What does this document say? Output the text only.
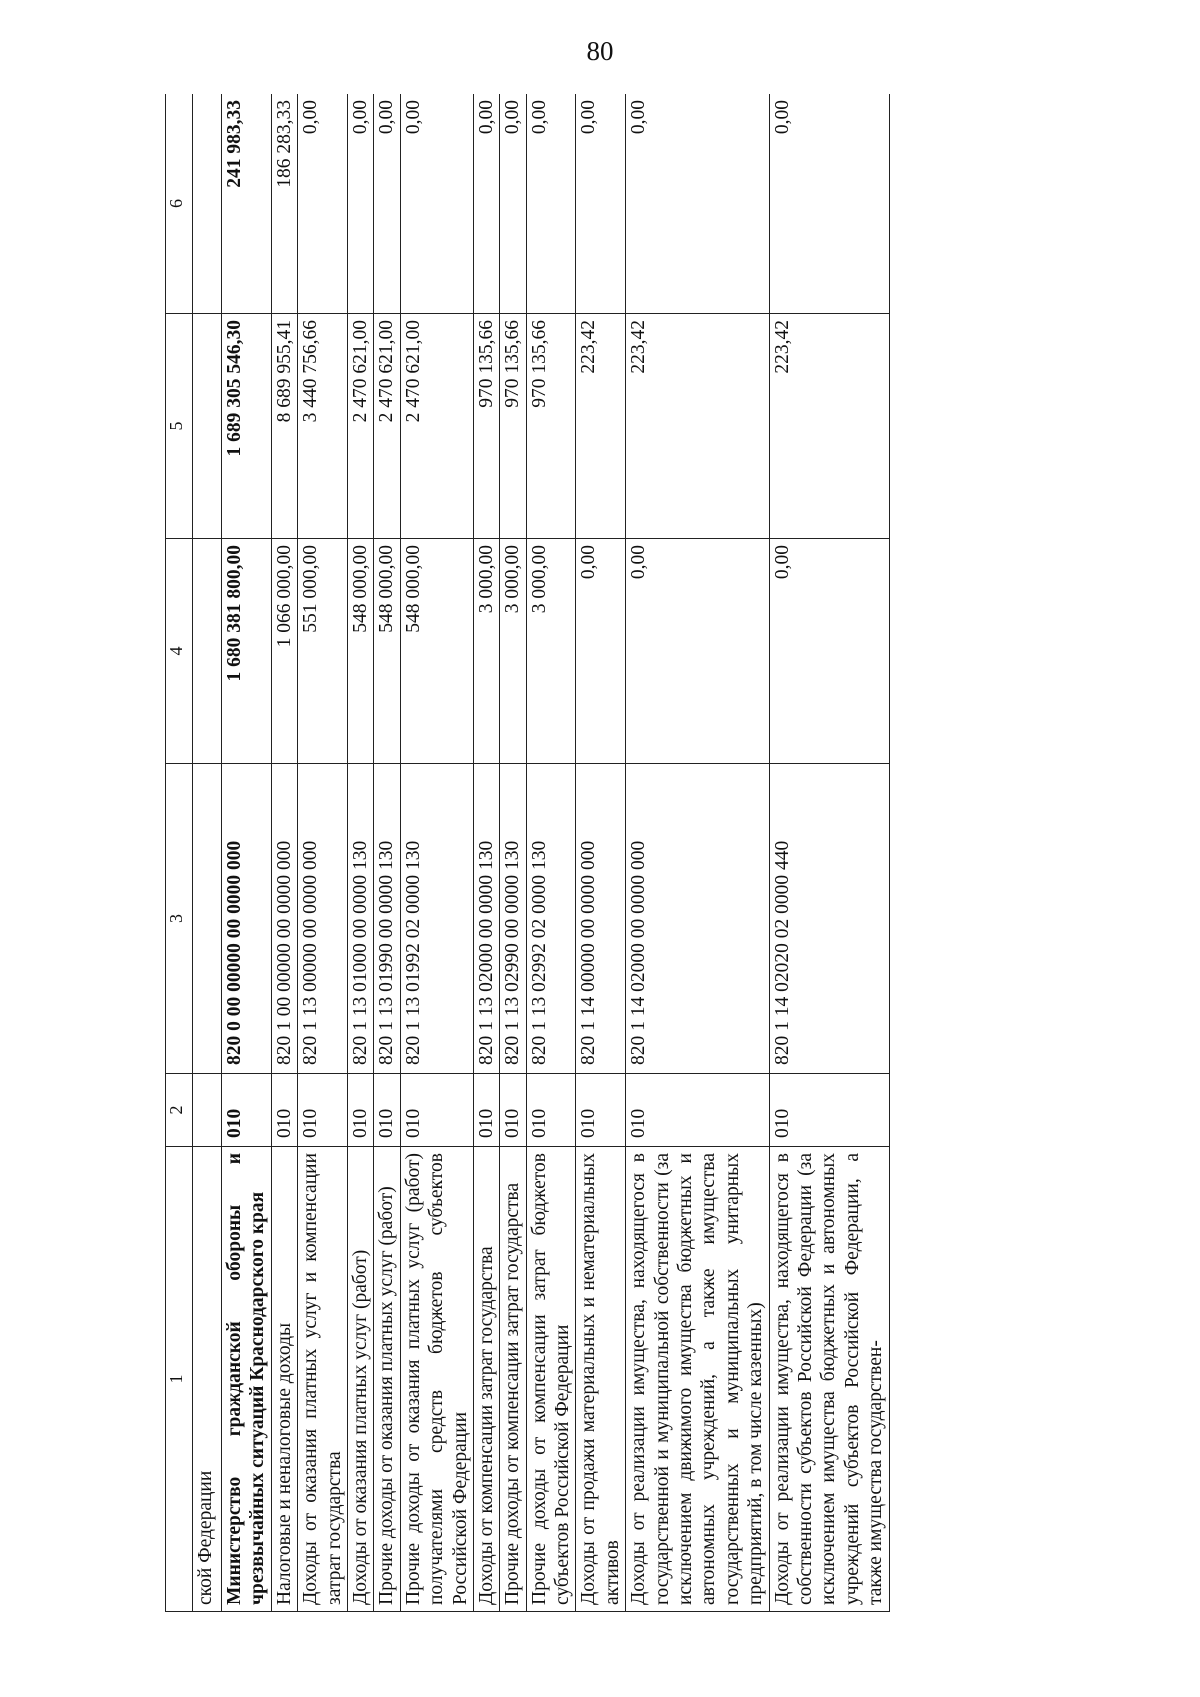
80
1	2	3	4	5	6
ской Федерации					
Министерство гражданской обороны и чрезвычайных ситуаций Краснодарского края	010	820 0 00 00000 00 0000 000	1 680 381 800,00	1 689 305 546,30	241 983,33
Налоговые и неналоговые доходы	010	820 1 00 00000 00 0000 000	1 066 000,00	8 689 955,41	186 283,33
Доходы от оказания платных услуг и компенсации затрат государства	010	820 1 13 00000 00 0000 000	551 000,00	3 440 756,66	0,00
Доходы от оказания платных услуг (работ)	010	820 1 13 01000 00 0000 130	548 000,00	2 470 621,00	0,00
Прочие доходы от оказания платных услуг (работ)	010	820 1 13 01990 00 0000 130	548 000,00	2 470 621,00	0,00
Прочие доходы от оказания платных услуг (работ) получателями средств бюджетов субъектов Российской Федерации	010	820 1 13 01992 02 0000 130	548 000,00	2 470 621,00	0,00
Доходы от компенсации затрат государства	010	820 1 13 02000 00 0000 130	3 000,00	970 135,66	0,00
Прочие доходы от компенсации затрат государства	010	820 1 13 02990 00 0000 130	3 000,00	970 135,66	0,00
Прочие доходы от компенсации затрат бюджетов субъектов Российской Федерации	010	820 1 13 02992 02 0000 130	3 000,00	970 135,66	0,00
Доходы от продажи материальных и нематериальных активов	010	820 1 14 00000 00 0000 000	0,00	223,42	0,00
Доходы от реализации имущества, находящегося в государственной и муниципальной собственности (за исключением движимого имущества бюджетных и автономных учреждений, а также имущества государственных и муниципальных унитарных предприятий, в том числе казенных)	010	820 1 14 02000 00 0000 000	0,00	223,42	0,00
Доходы от реализации имущества, находящегося в собственности субъектов Российской Федерации (за исключением имущества бюджетных и автономных учреждений субъектов Российской Федерации, а также имущества государствен-	010	820 1 14 02020 02 0000 440	0,00	223,42	0,00
